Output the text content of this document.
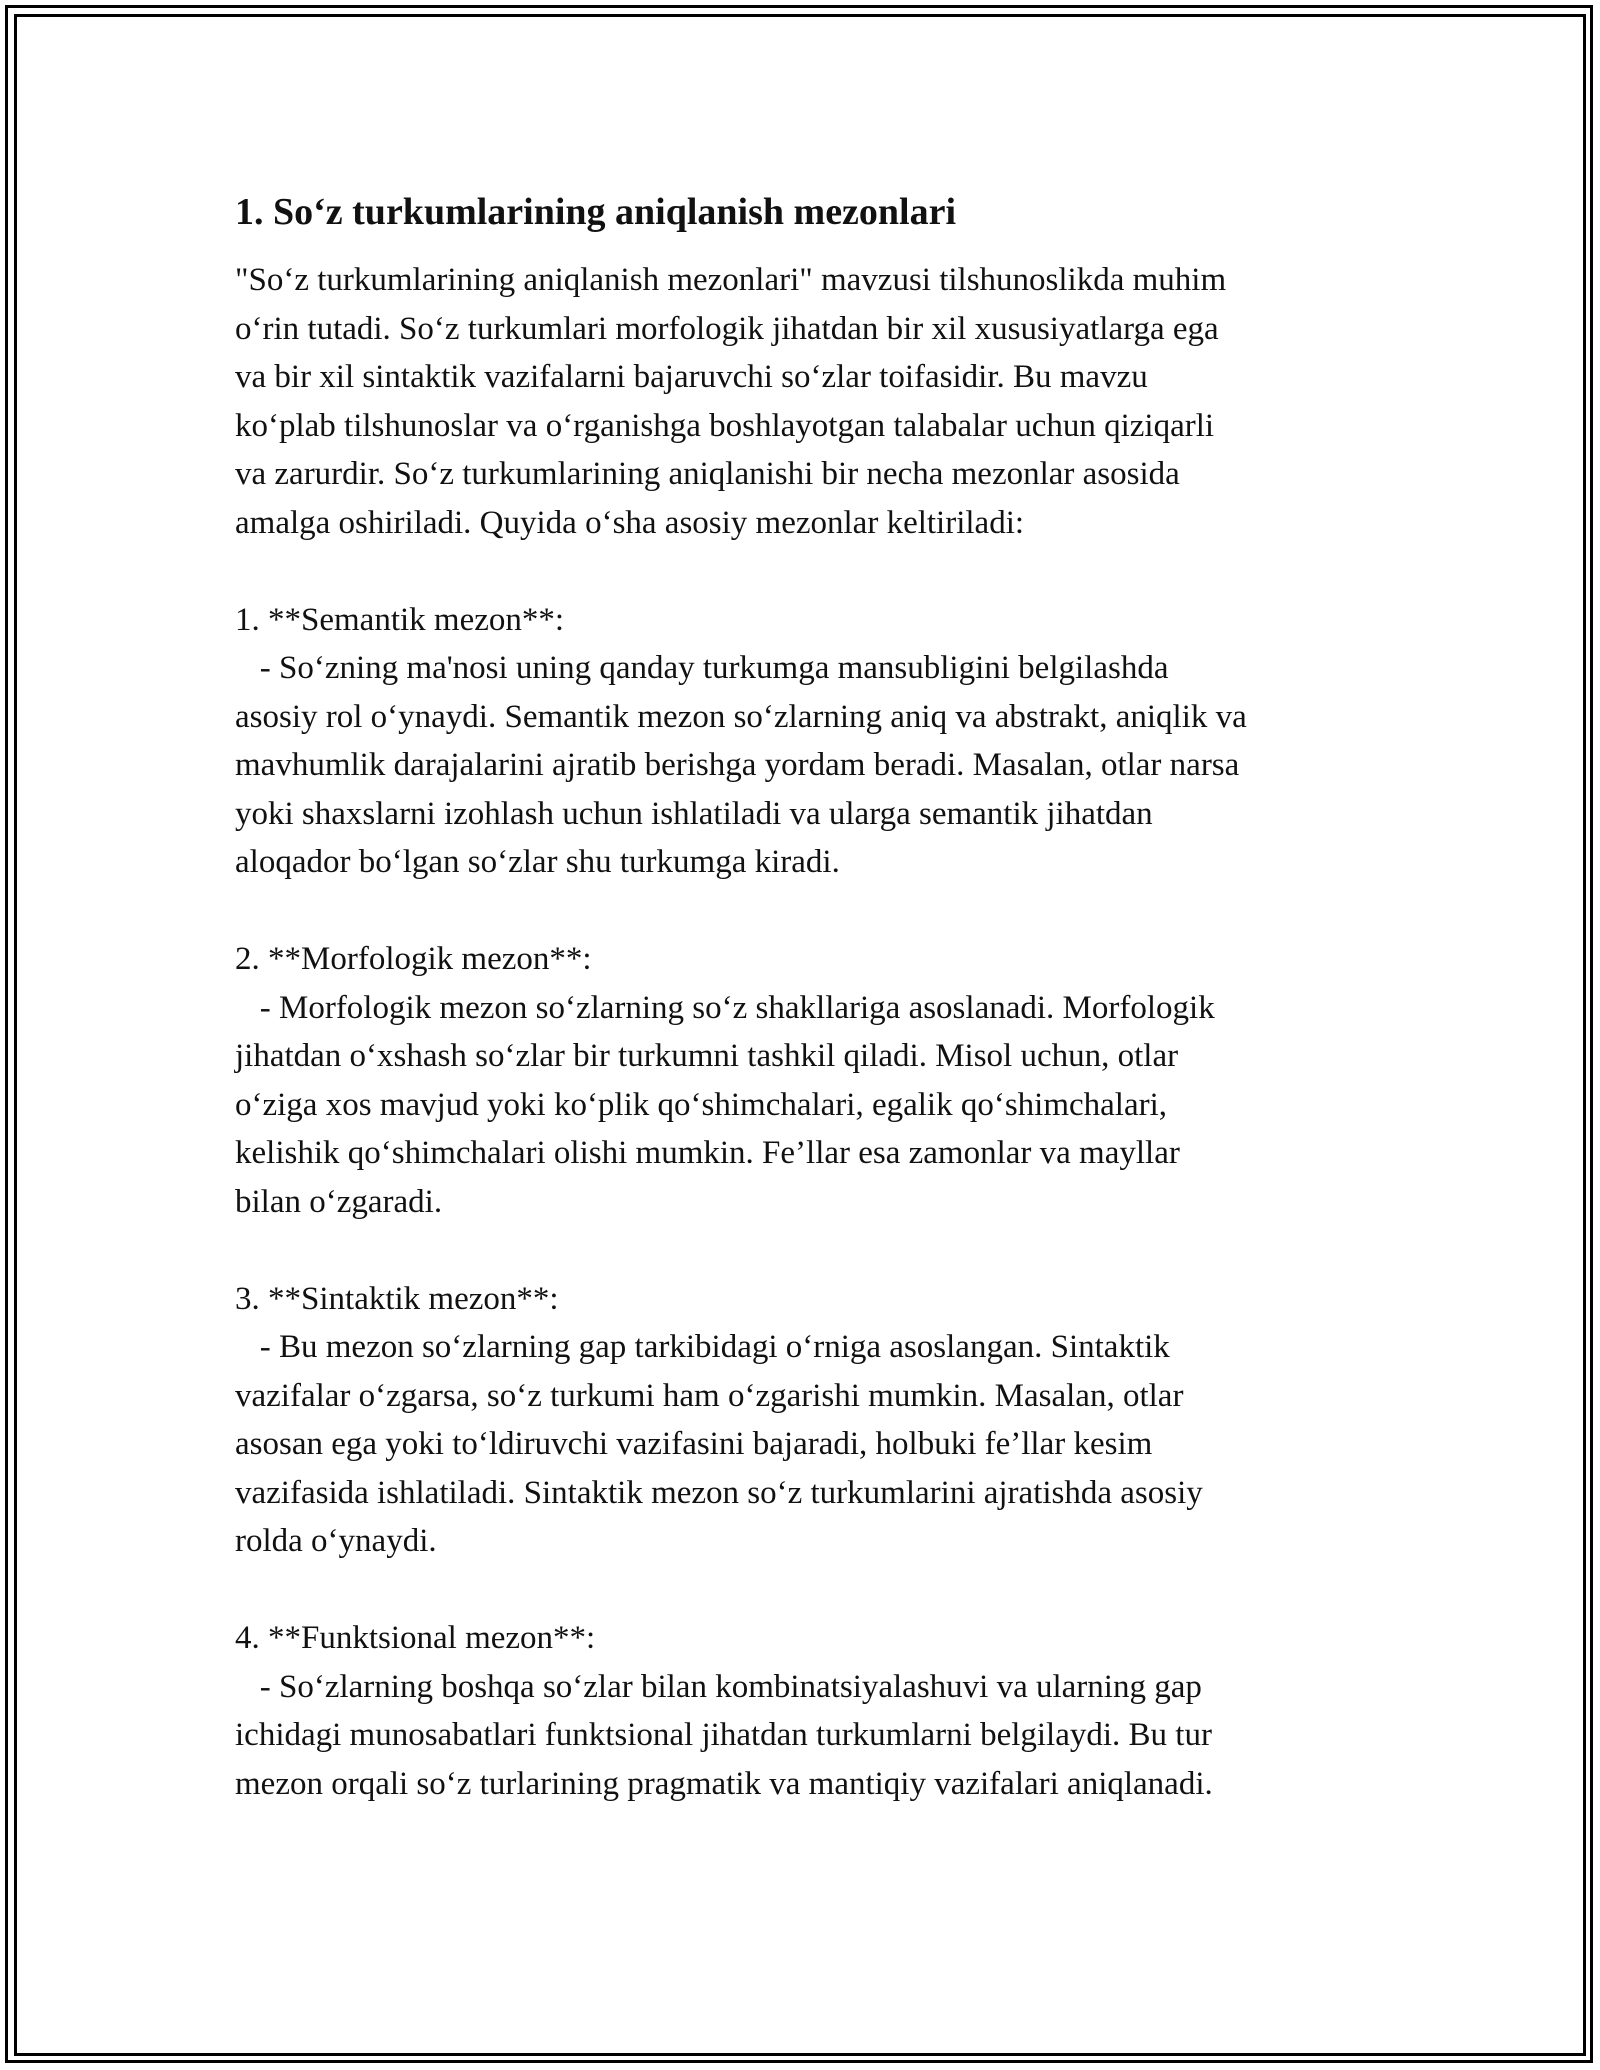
1. So‘z turkumlarining aniqlanish mezonlari
"So‘z turkumlarining aniqlanish mezonlari" mavzusi tilshunoslikda muhim
o‘rin tutadi. So‘z turkumlari morfologik jihatdan bir xil xususiyatlarga ega
va bir xil sintaktik vazifalarni bajaruvchi so‘zlar toifasidir. Bu mavzu
ko‘plab tilshunoslar va o‘rganishga boshlayotgan talabalar uchun qiziqarli
va zarurdir. So‘z turkumlarining aniqlanishi bir necha mezonlar asosida
amalga oshiriladi. Quyida o‘sha asosiy mezonlar keltiriladi:
1. **Semantik mezon**:
- So‘zning ma'nosi uning qanday turkumga mansubligini belgilashda
asosiy rol o‘ynaydi. Semantik mezon so‘zlarning aniq va abstrakt, aniqlik va
mavhumlik darajalarini ajratib berishga yordam beradi. Masalan, otlar narsa
yoki shaxslarni izohlash uchun ishlatiladi va ularga semantik jihatdan
aloqador bo‘lgan so‘zlar shu turkumga kiradi.
2. **Morfologik mezon**:
- Morfologik mezon so‘zlarning so‘z shakllariga asoslanadi. Morfologik
jihatdan o‘xshash so‘zlar bir turkumni tashkil qiladi. Misol uchun, otlar
o‘ziga xos mavjud yoki ko‘plik qo‘shimchalari, egalik qo‘shimchalari,
kelishik qo‘shimchalari olishi mumkin. Fe’llar esa zamonlar va mayllar
bilan o‘zgaradi.
3. **Sintaktik mezon**:
- Bu mezon so‘zlarning gap tarkibidagi o‘rniga asoslangan. Sintaktik
vazifalar o‘zgarsa, so‘z turkumi ham o‘zgarishi mumkin. Masalan, otlar
asosan ega yoki to‘ldiruvchi vazifasini bajaradi, holbuki fe’llar kesim
vazifasida ishlatiladi. Sintaktik mezon so‘z turkumlarini ajratishda asosiy
rolda o‘ynaydi.
4. **Funktsional mezon**:
- So‘zlarning boshqa so‘zlar bilan kombinatsiyalashuvi va ularning gap
ichidagi munosabatlari funktsional jihatdan turkumlarni belgilaydi. Bu tur
mezon orqali so‘z turlarining pragmatik va mantiqiy vazifalari aniqlanadi.
